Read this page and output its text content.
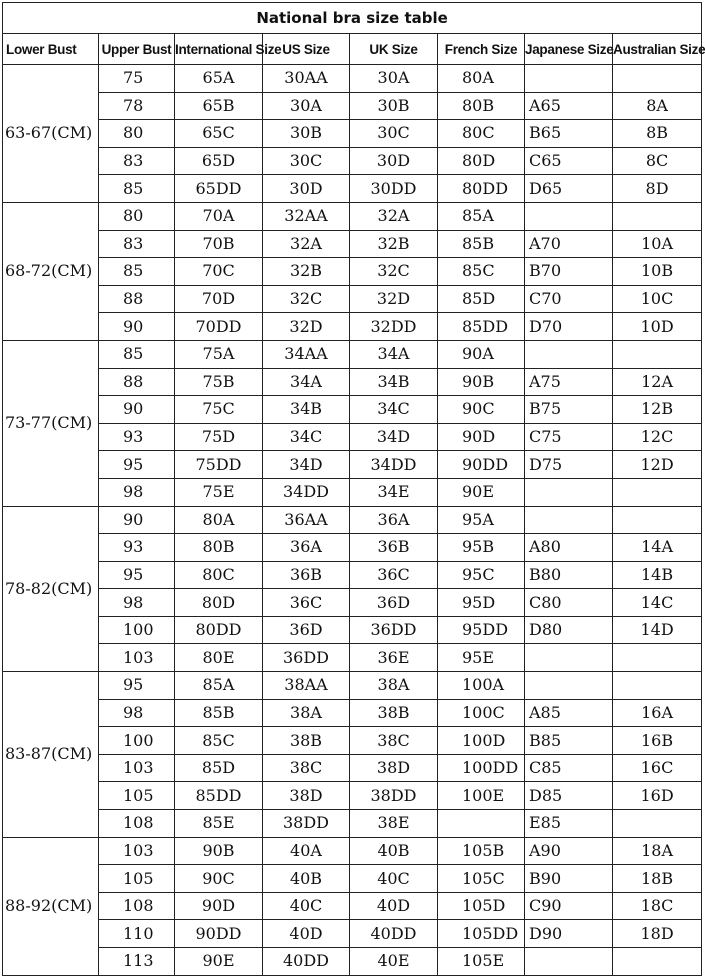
National bra size table							
Lower Bust	Upper Bust	International Size	US Size	UK Size	French Size	Japanese Size	Australian Size
63-67(CM)	75	65A	30AA	30A	80A		
	78	65B	30A	30B	80B	A65	8A
	80	65C	30B	30C	80C	B65	8B
	83	65D	30C	30D	80D	C65	8C
	85	65DD	30D	30DD	80DD	D65	8D
68-72(CM)	80	70A	32AA	32A	85A		
	83	70B	32A	32B	85B	A70	10A
	85	70C	32B	32C	85C	B70	10B
	88	70D	32C	32D	85D	C70	10C
	90	70DD	32D	32DD	85DD	D70	10D
73-77(CM)	85	75A	34AA	34A	90A		
	88	75B	34A	34B	90B	A75	12A
	90	75C	34B	34C	90C	B75	12B
	93	75D	34C	34D	90D	C75	12C
	95	75DD	34D	34DD	90DD	D75	12D
	98	75E	34DD	34E	90E		
78-82(CM)	90	80A	36AA	36A	95A		
	93	80B	36A	36B	95B	A80	14A
	95	80C	36B	36C	95C	B80	14B
	98	80D	36C	36D	95D	C80	14C
	100	80DD	36D	36DD	95DD	D80	14D
	103	80E	36DD	36E	95E		
83-87(CM)	95	85A	38AA	38A	100A		
	98	85B	38A	38B	100C	A85	16A
	100	85C	38B	38C	100D	B85	16B
	103	85D	38C	38D	100DD	C85	16C
	105	85DD	38D	38DD	100E	D85	16D
	108	85E	38DD	38E		E85	
88-92(CM)	103	90B	40A	40B	105B	A90	18A
	105	90C	40B	40C	105C	B90	18B
	108	90D	40C	40D	105D	C90	18C
	110	90DD	40D	40DD	105DD	D90	18D
	113	90E	40DD	40E	105E		
